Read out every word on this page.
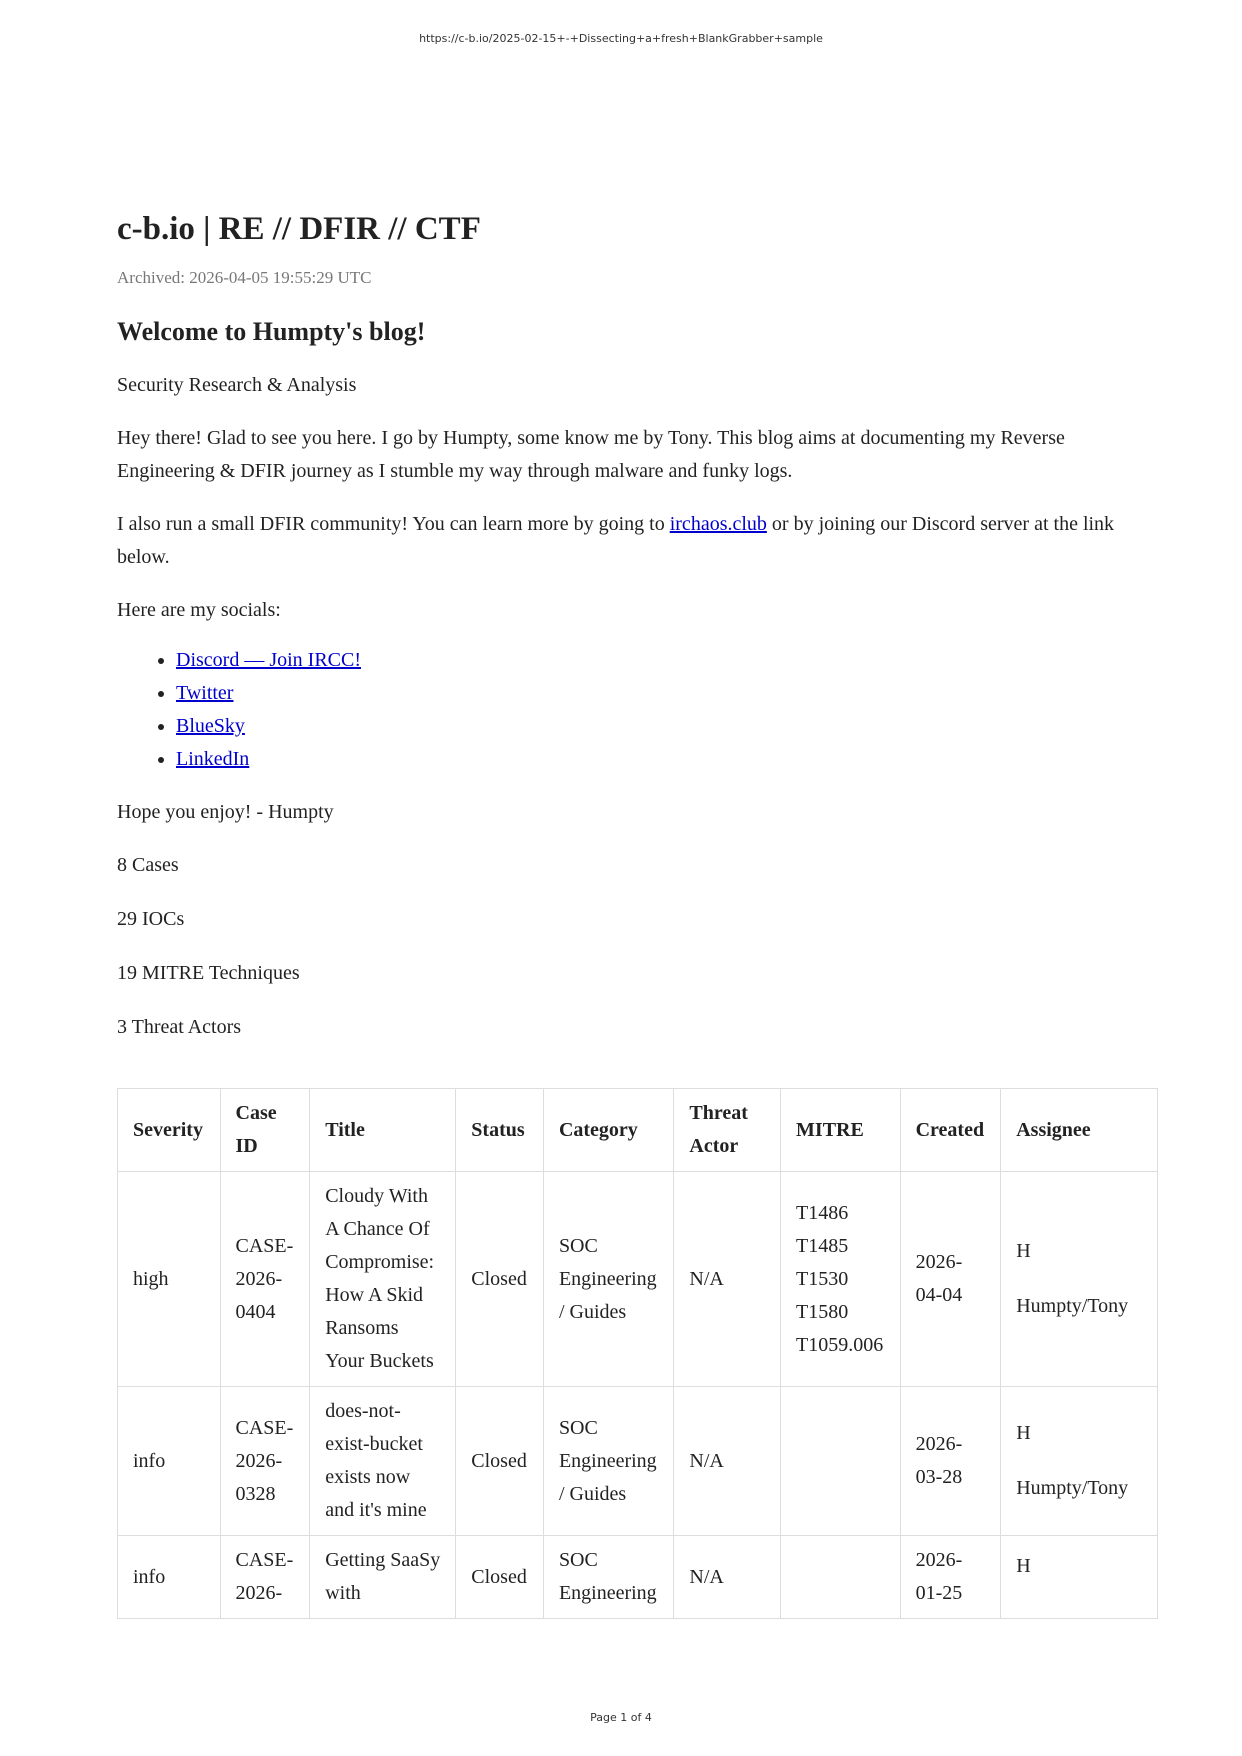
https://c-b.io/2025-02-15+-+Dissecting+a+fresh+BlankGrabber+sample
c-b.io | RE // DFIR // CTF
Archived: 2026-04-05 19:55:29 UTC
Welcome to Humpty's blog!

Security Research & Analysis

Hey there! Glad to see you here. I go by Humpty, some know me by Tony. This blog aims at documenting my Reverse Engineering & DFIR journey as I stumble my way through malware and funky logs.

I also run a small DFIR community! You can learn more by going to irchaos.club or by joining our Discord server at the link below.

Here are my socials:

• Discord — Join IRCC!
• Twitter
• BlueSky
• LinkedIn

Hope you enjoy! - Humpty

8 Cases
29 IOCs
19 MITRE Techniques
3 Threat Actors
Severity	Case ID	Title	Status	Category	Threat Actor	MITRE	Created	Assignee
high	CASE-2026-0404	Cloudy With A Chance Of Compromise: How A Skid Ransoms Your Buckets	Closed	SOC Engineering / Guides	N/A	T1486
T1485
T1530
T1580
T1059.006	2026-04-04	H
Humpty/Tony
info	CASE-2026-0328	does-not-exist-bucket exists now and it's mine	Closed	SOC Engineering / Guides	N/A		2026-03-28	H
Humpty/Tony
info	CASE-2026-	Getting SaaSy with	Closed	SOC Engineering	N/A		2026-01-25	H
Page 1 of 4
